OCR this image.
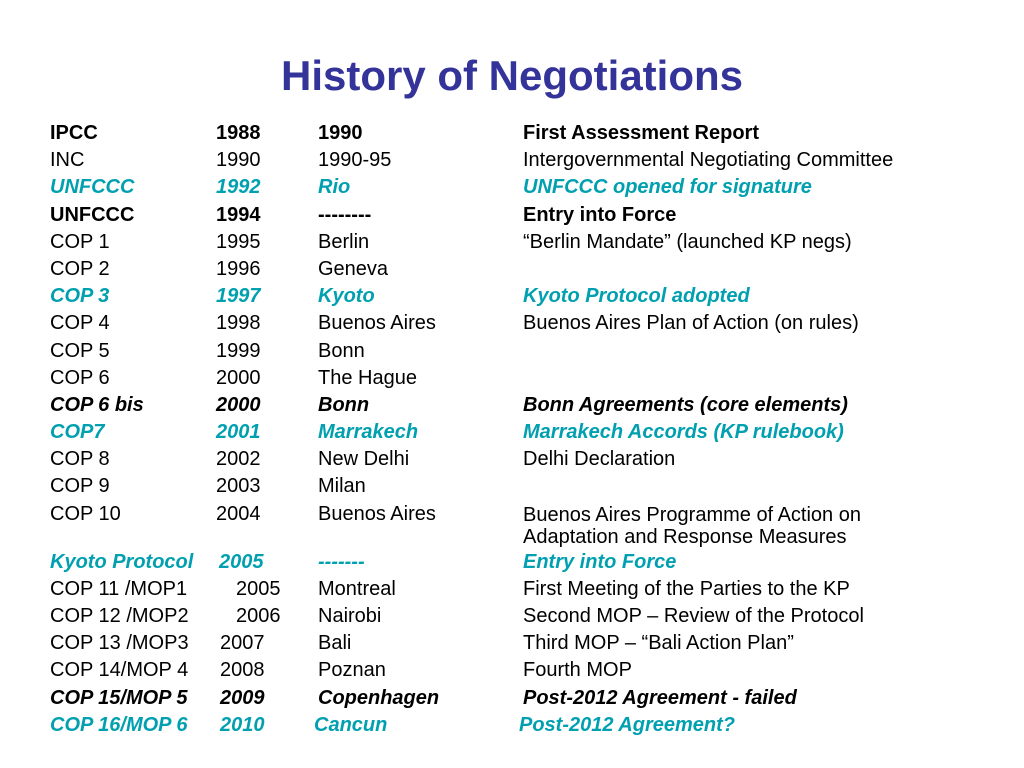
History of Negotiations
IPCC	1988	1990	First Assessment Report
INC	1990	1990-95	Intergovernmental Negotiating Committee
UNFCCC	1992	Rio	UNFCCC opened for signature
UNFCCC	1994	--------	Entry into Force
COP 1	1995	Berlin	“Berlin Mandate” (launched KP negs)
COP 2	1996	Geneva
COP 3	1997	Kyoto	Kyoto Protocol adopted
COP 4	1998	Buenos Aires	Buenos Aires Plan of Action (on rules)
COP 5	1999	Bonn
COP 6	2000	The Hague
COP 6 bis	2000	Bonn	Bonn Agreements (core elements)
COP7	2001	Marrakech	Marrakech Accords (KP rulebook)
COP 8	2002	New Delhi	Delhi Declaration
COP 9	2003	Milan
COP 10	2004	Buenos Aires	Buenos Aires Programme of Action on
Adaptation and Response Measures
Kyoto Protocol 2005	-------	Entry into Force
COP 11 /MOP1 2005 Montreal	First Meeting of the Parties to the KP
COP 12 /MOP2 2006 Nairobi	Second MOP – Review of the Protocol
COP 13 /MOP3 2007	Bali	Third MOP – “Bali Action Plan”
COP 14/MOP 4 2008	Poznan	Fourth MOP
COP 15/MOP 5 2009	Copenhagen	Post-2012 Agreement - failed
COP 16/MOP 6 2010 Cancun	Post-2012 Agreement?
